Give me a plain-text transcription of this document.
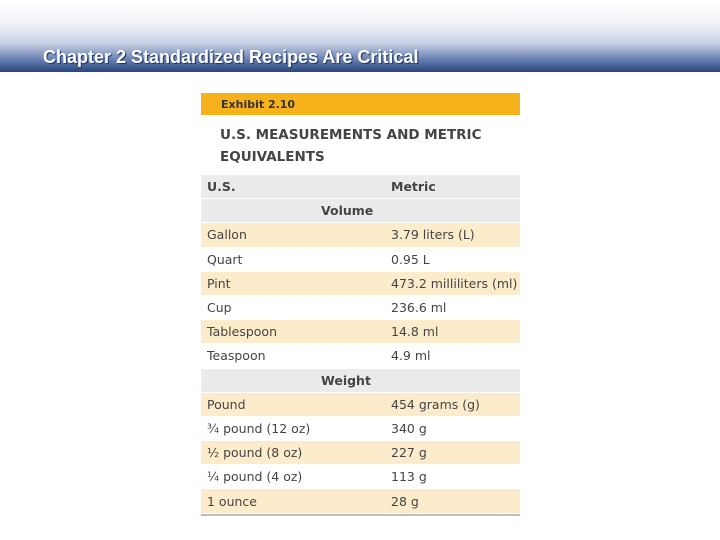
Chapter 2 Standardized Recipes Are Critical
Exhibit 2.10
U.S. MEASUREMENTS AND METRIC
EQUIVALENTS
U.S.	Metric
Volume
Gallon	3.79 liters (L)
Quart	0.95 L
Pint	473.2 milliliters (ml)
Cup	236.6 ml
Tablespoon	14.8 ml
Teaspoon	4.9 ml
Weight
Pound	454 grams (g)
¾ pound (12 oz)	340 g
½ pound (8 oz)	227 g
¼ pound (4 oz)	113 g
1 ounce	28 g
